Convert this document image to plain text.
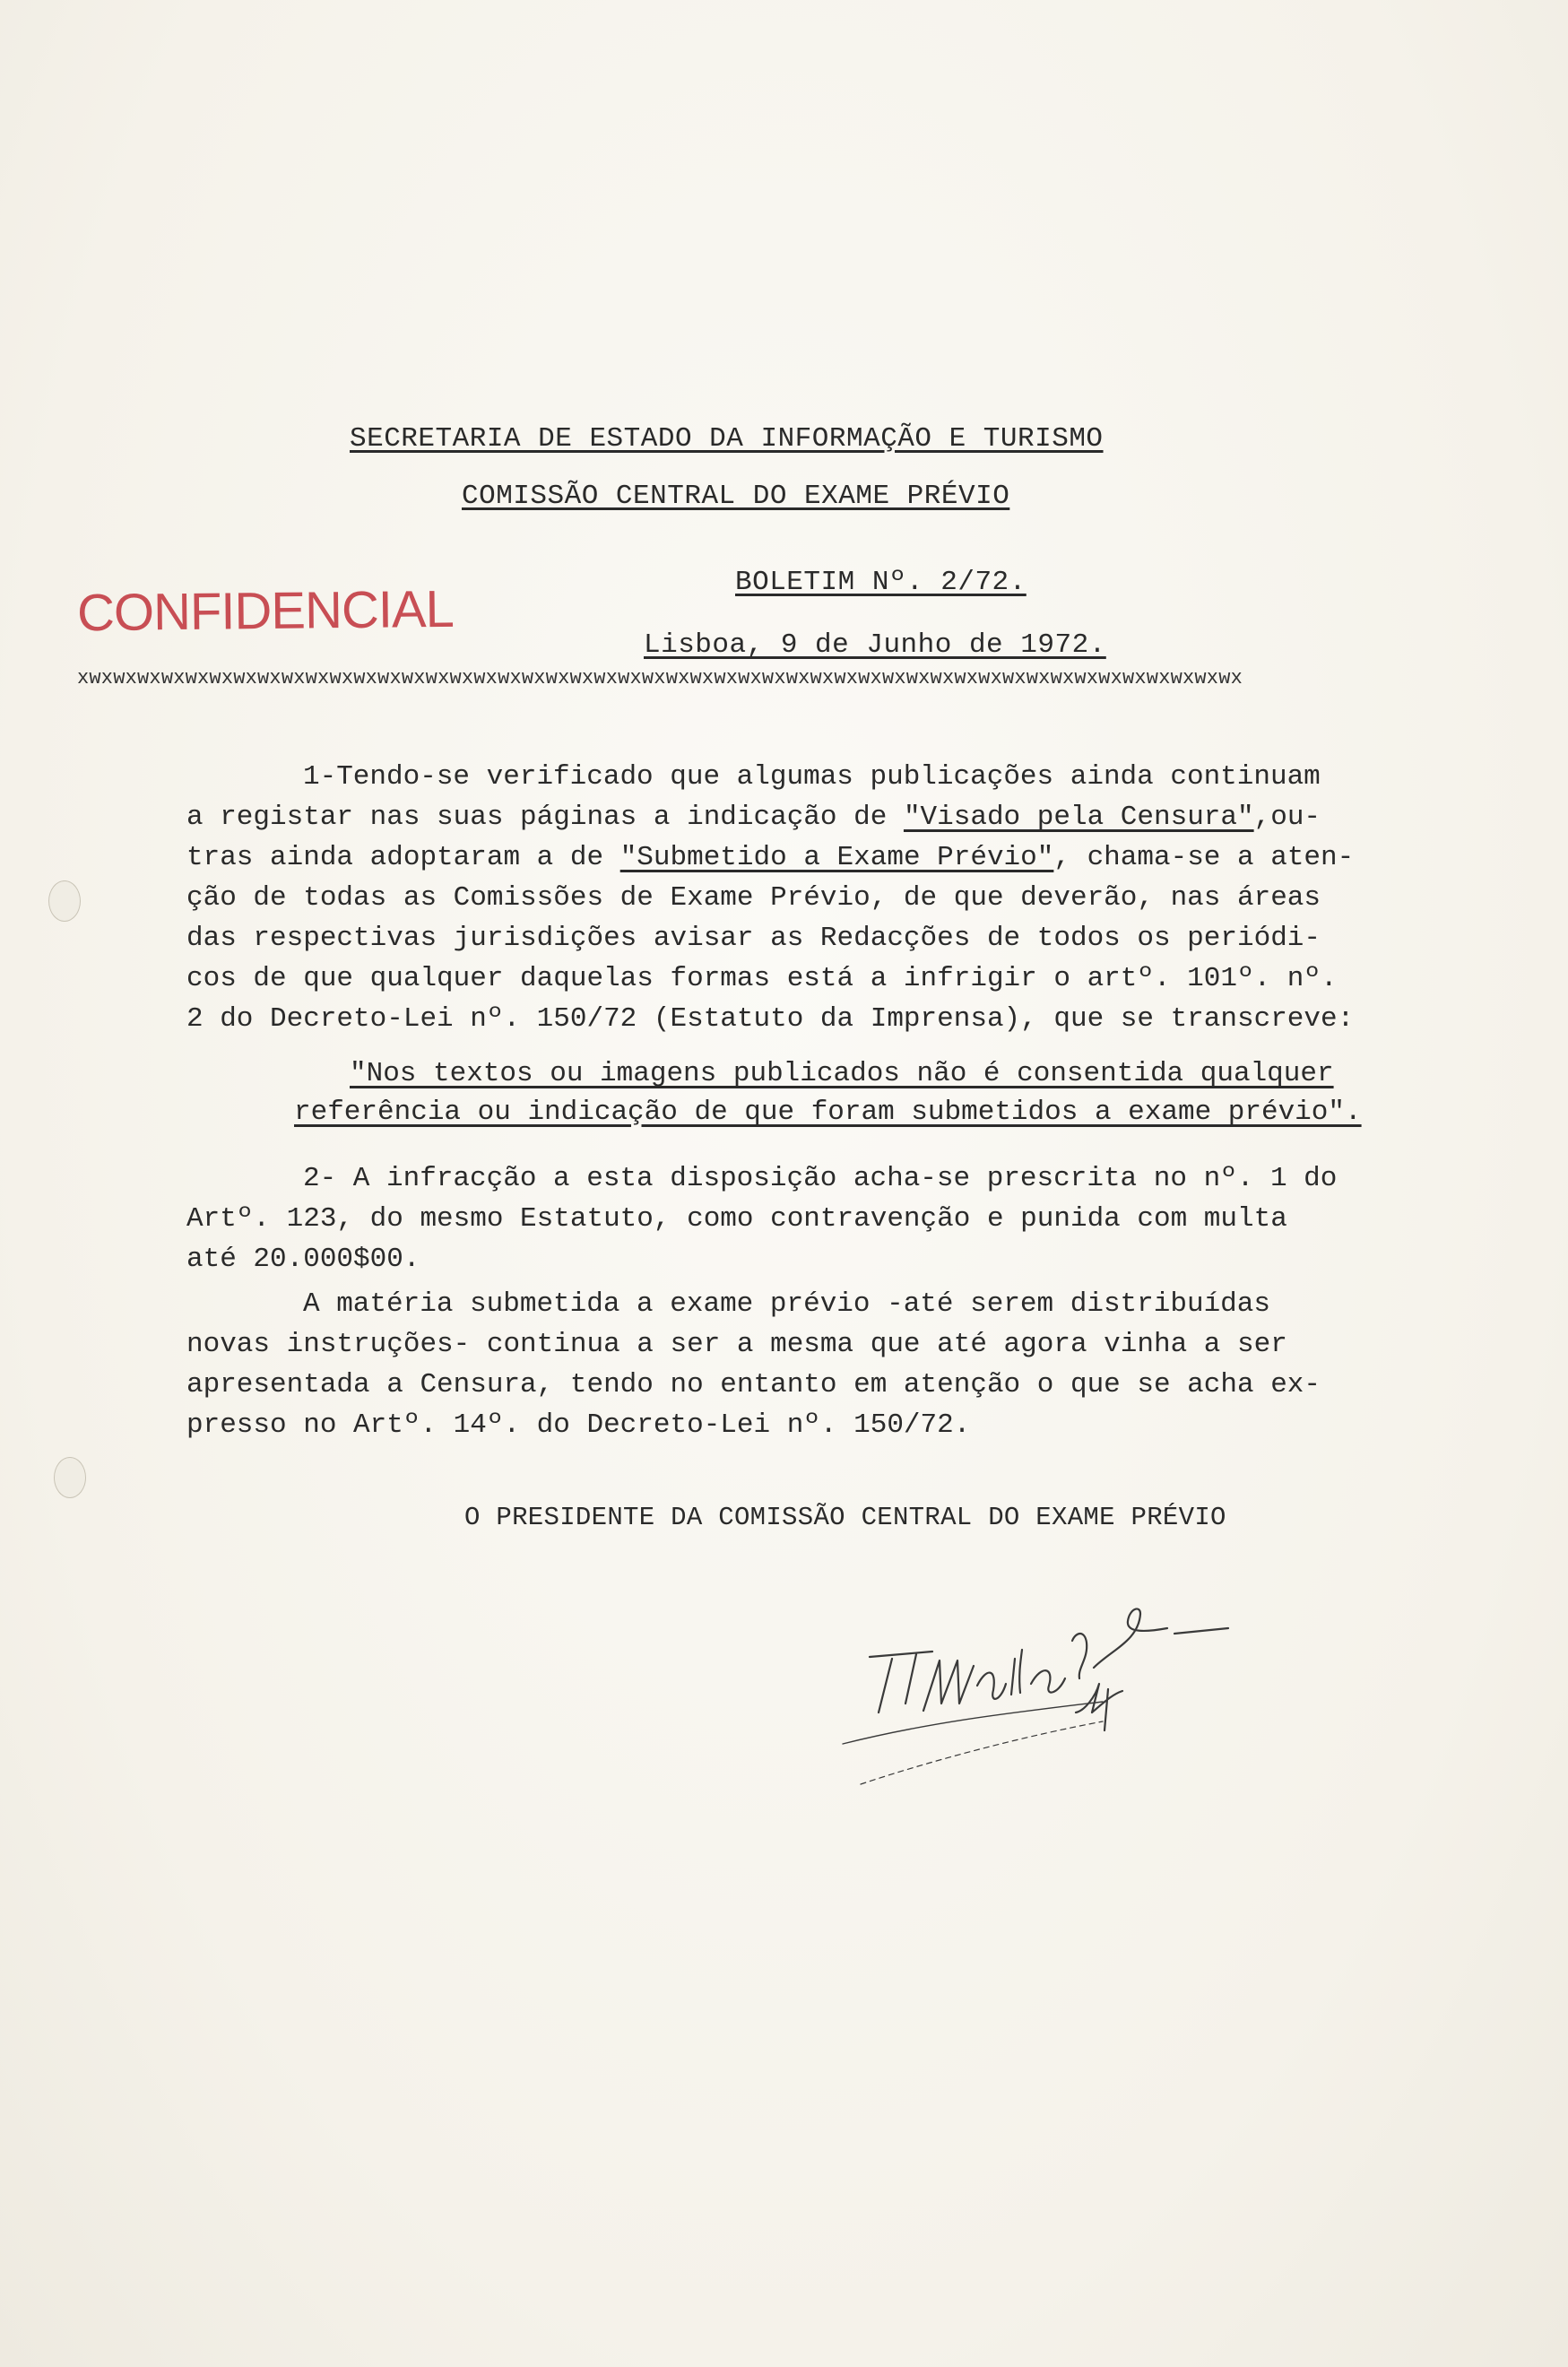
SECRETARIA DE ESTADO DA INFORMAÇÃO E TURISMO
COMISSÃO CENTRAL DO EXAME PRÉVIO
BOLETIM Nº. 2/72.
Lisboa, 9 de Junho de 1972.
CONFIDENCIAL
xwxwxwxwxwxwxwxwxwxwxwxwxwxwxwxwxwxwxwxwxwxwxwxwxwxwxwxwxwxwxwxwxwxwxwxwxwxwxwxwxwxwxwxwxwxwxwxwx

1-Tendo-se verificado que algumas publicações ainda continuam

a registar nas suas páginas a indicação de "Visado pela Censura",ou-

tras ainda adoptaram a de "Submetido a Exame Prévio", chama-se a aten-

ção de todas as Comissões de Exame Prévio, de que deverão, nas áreas

das respectivas jurisdições avisar as Redacções de todos os periódi-

cos de que qualquer daquelas formas está a infrigir o artº. 101º. nº.

2 do Decreto-Lei nº. 150/72 (Estatuto da Imprensa), que se transcreve:

"Nos textos ou imagens publicados não é consentida qualquer

referência ou indicação de que foram submetidos a exame prévio".

2- A infracção a esta disposição acha-se prescrita no nº. 1 do

Artº. 123, do mesmo Estatuto, como contravenção e punida com multa

até 20.000$00.

A matéria submetida a exame prévio -até serem distribuídas

novas instruções- continua a ser a mesma que até agora vinha a ser

apresentada a Censura, tendo no entanto em atenção o que se acha ex-

presso no Artº. 14º. do Decreto-Lei nº. 150/72.

O PRESIDENTE DA COMISSÃO CENTRAL DO EXAME PRÉVIO
